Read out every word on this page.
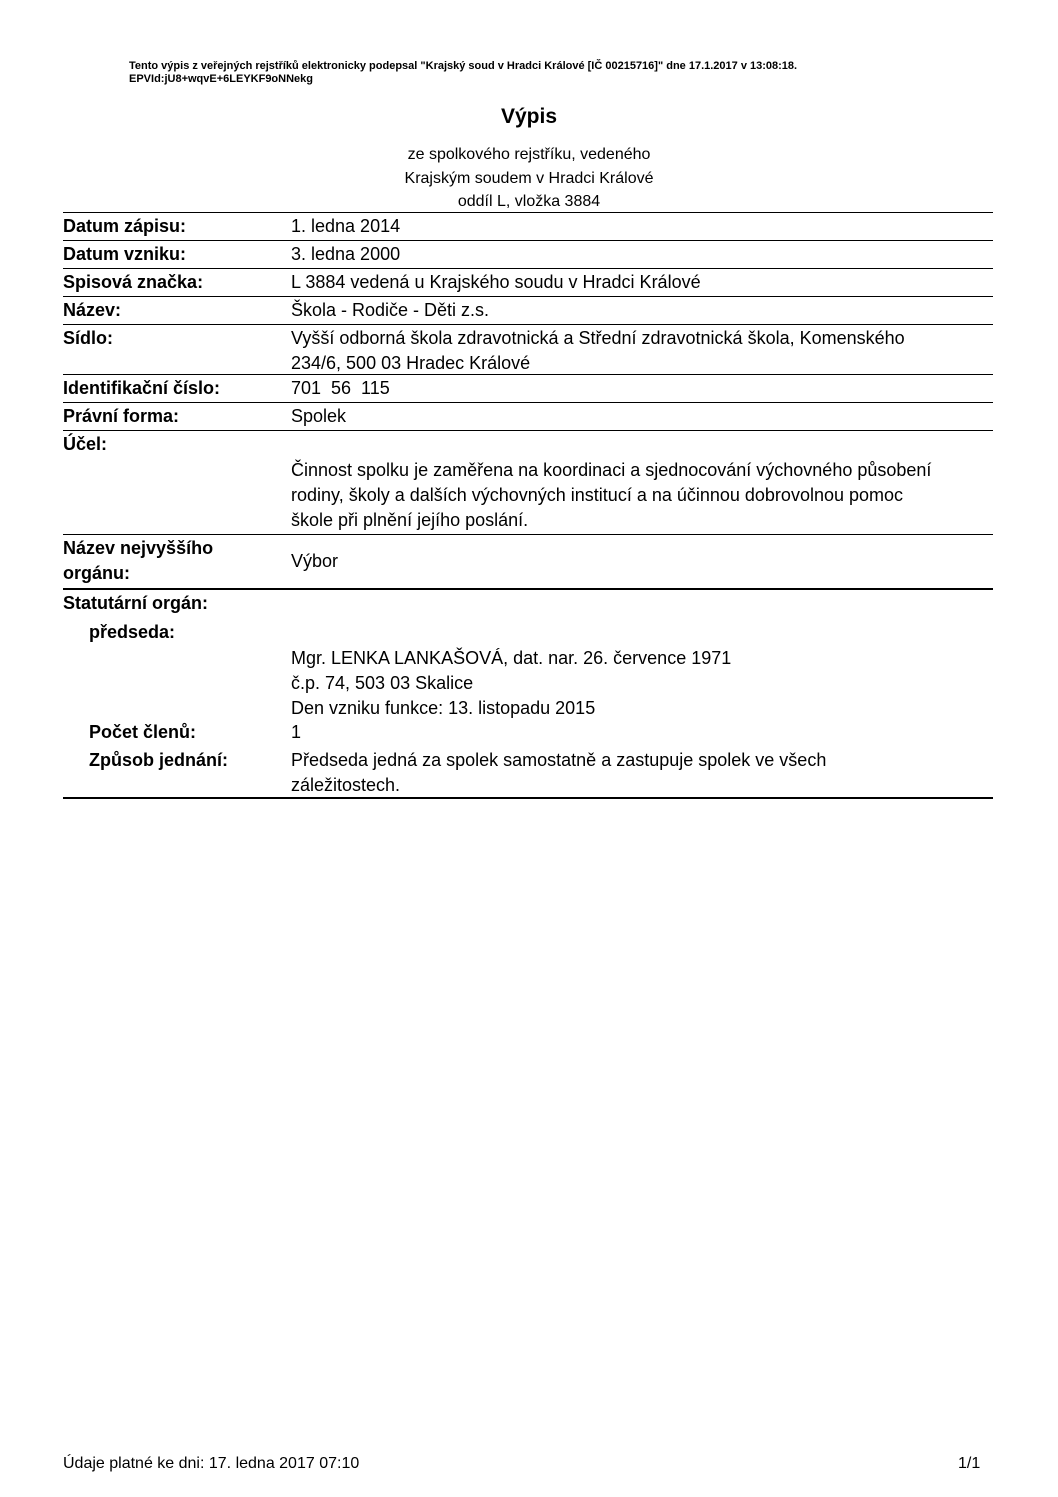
Tento výpis z veřejných rejstříků elektronicky podepsal "Krajský soud v Hradci Králové [IČ 00215716]" dne 17.1.2017 v 13:08:18.
EPVId:jU8+wqvE+6LEYKF9oNNekg
Výpis
ze spolkového rejstříku, vedeného
Krajským soudem v Hradci Králové
oddíl L, vložka 3884
Datum zápisu:	1. ledna 2014
Datum vzniku:	3. ledna 2000
Spisová značka:	L 3884 vedená u Krajského soudu v Hradci Králové
Název:	Škola - Rodiče - Děti z.s.
Sídlo:	Vyšší odborná škola zdravotnická a Střední zdravotnická škola, Komenského
234/6, 500 03 Hradec Králové
Identifikační číslo:	701  56  115
Právní forma:	Spolek
Účel:
Činnost spolku je zaměřena na koordinaci a sjednocování výchovného působení
rodiny, školy a dalších výchovných institucí a na účinnou dobrovolnou pomoc
škole při plnění jejího poslání.
Název nejvyššího
orgánu:
Výbor
Statutární orgán:
předseda:
Mgr. LENKA LANKAŠOVÁ, dat. nar. 26. července 1971
č.p. 74, 503 03 Skalice
Den vzniku funkce: 13. listopadu 2015
Počet členů:	1
Způsob jednání:	Předseda jedná za spolek samostatně a zastupuje spolek ve všech
záležitostech.
Údaje platné ke dni: 17. ledna 2017 07:10	1/1
